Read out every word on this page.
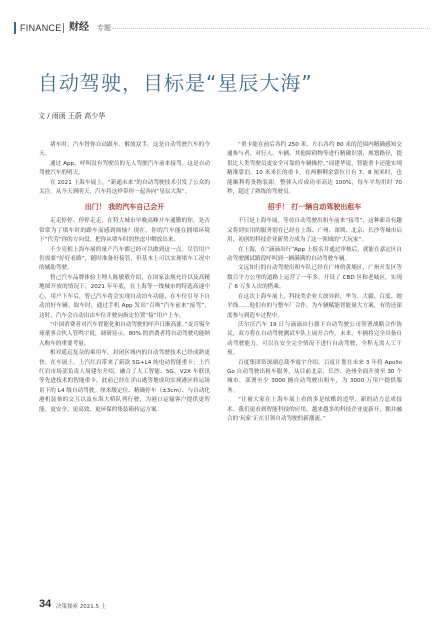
FINANCE 财经 专题
自动驾驶，目标是“星辰大海”
文 / 雨函 王蔚 高少华

堵车时，汽车替你自动跟车、解放双手。这是自动驾驶汽车的今天。

通过 App，呼叫没有驾驶员的无人驾驶汽车前来接驾。这是自动驾驶汽车的明天。

在 2021 上海车展上，“新通未来”的自动驾驶技术引发了公众的关注。从今天到明天，汽车将这样带你一起奔向“星辰大海”。

出门！ 我的汽车自己会开

走走停停、停停走走，在特大城市早晚高峰开车通勤的你，是否常常为了堵车时的跟车而感到烦恼？现在，你的汽车能在拥堵环境下“代劳”你的方向盘。把你从堵车时的焦虑中解放出来。

不少亮相上海车展的量产汽车都已经可以做到这一点。尽管用户仍需要“好好看路”，随时准备好接管，但基本上可以实现堵车工况中的辅助驾驶。

智己汽车品牌体验主理人陈敏敏介绍，在国家法规允许以及高精地图开放的情况下，2021 年年底，在上海等一线城市的特选高速中心，用户下车后，智己汽车将会实现自动泊车功能，在车位引导下自动泊好车辆。取车时，通过手机 App 发出“召唤”汽车前来“接驾”，这时，汽车会自动出由车位并驶向指定位置“接”用户上车。

“中国消费者对汽车智能化和自动驾驶的呼声日渐高涨。”麦肯锡全球董事合伙人管鸣宇说，调研显示，80% 的消费者将自动驾驶功能纳入购车的重要考量。

相对遥远复杂的乘用车，封闭区域内的自动驾驶技术已经成熟更快。在车展上，上汽红岩带来了新款 5G+L4 纯电动智能重卡；上汽红岩市场部负责人周建东介绍，融合了人工智能、5G、V2X 车联讯等先进技术的智能重卡，此前已经在洋山港等地成功实现港区转运场景下的 L4 级自动驾驶。厘米级定位、精确停车（±3cm）、与自动化港机装备的交互以及东海大桥队列行驶，为港口运输客户提供更智能、更安全、更高效、更环保的集装箱转运方案。

“重卡能在前后各约 250 米，左右各约 80 米的范围内精确感知交通参与者，对行人、车辆、其他障碍物等进行精确识别、规划路径，提供比人类驾驶员更安全可靠的车辆操控。”周建华说，智能重卡还能实现精准靠泊，10 米米长的重卡，在两侧剩余靠位只有 7、8 厘米时，也能顺利将货物装卸，整体入库成功率高达 100%，每车平均用时 70 秒，超过了熟练的驾驶员。

招手！ 打一辆自动驾驶出租车

不只是上海车展，等待自动驾驶出租车前来“接驾”，这种新奇有趣又将到实用的服务别在已经在上海、广州、深圳、北京、长沙等城市启用，初创的科技企业新势力成为了这一领域的“大玩家”。

在上海，在“滴滴出行”App 上报名并通过审核后，就能在嘉定区自动驾驶测试路段呼叫到一辆满满的自动驾驶车辆。

文远知行的自动驾驶出租车队已经在广州的黄埔区、广州开发区等数百平方公里的道路上运营了一年多。开设了 CBD 区和老城区，实现了 6 万多人次的搭乘。

在这次上海车展上，科技类企业大放异彩，华为、大疆、百度、地平线……他们有的与整车厂合作，为车辆赋能智能量大方案，有的还深度参与到造车过程中。

沃尔沃汽车 19 日与滴滴出行旗下自动驾驶公司签署战略合作协议，双方将在自动驾驶测试车队上展开合作，未来，车辆将完全具备自动驾驶能力，可以在安全完全情况下进行自动驾驶，全程无需人工干预。

百度集团资深副总裁李震宇介绍，百度计划在未来 3 年将 Apollo Go 自动驾驶出租车服务，从目前北京、长沙、沧州全面开放至 30 个城市，部署至少 3000 辆自动驾驶出租车，为 3000 万用户提供服务。

“让被大家在上海车展上看的多是炫酷的造型、新的动力总成技术。我们更看到智能科技的应用，越来越多的科技企业更新开，拥并融合的‘玩家’正在引领自动驾驶的新潮流。”

34 决策探索 2021.5 上
